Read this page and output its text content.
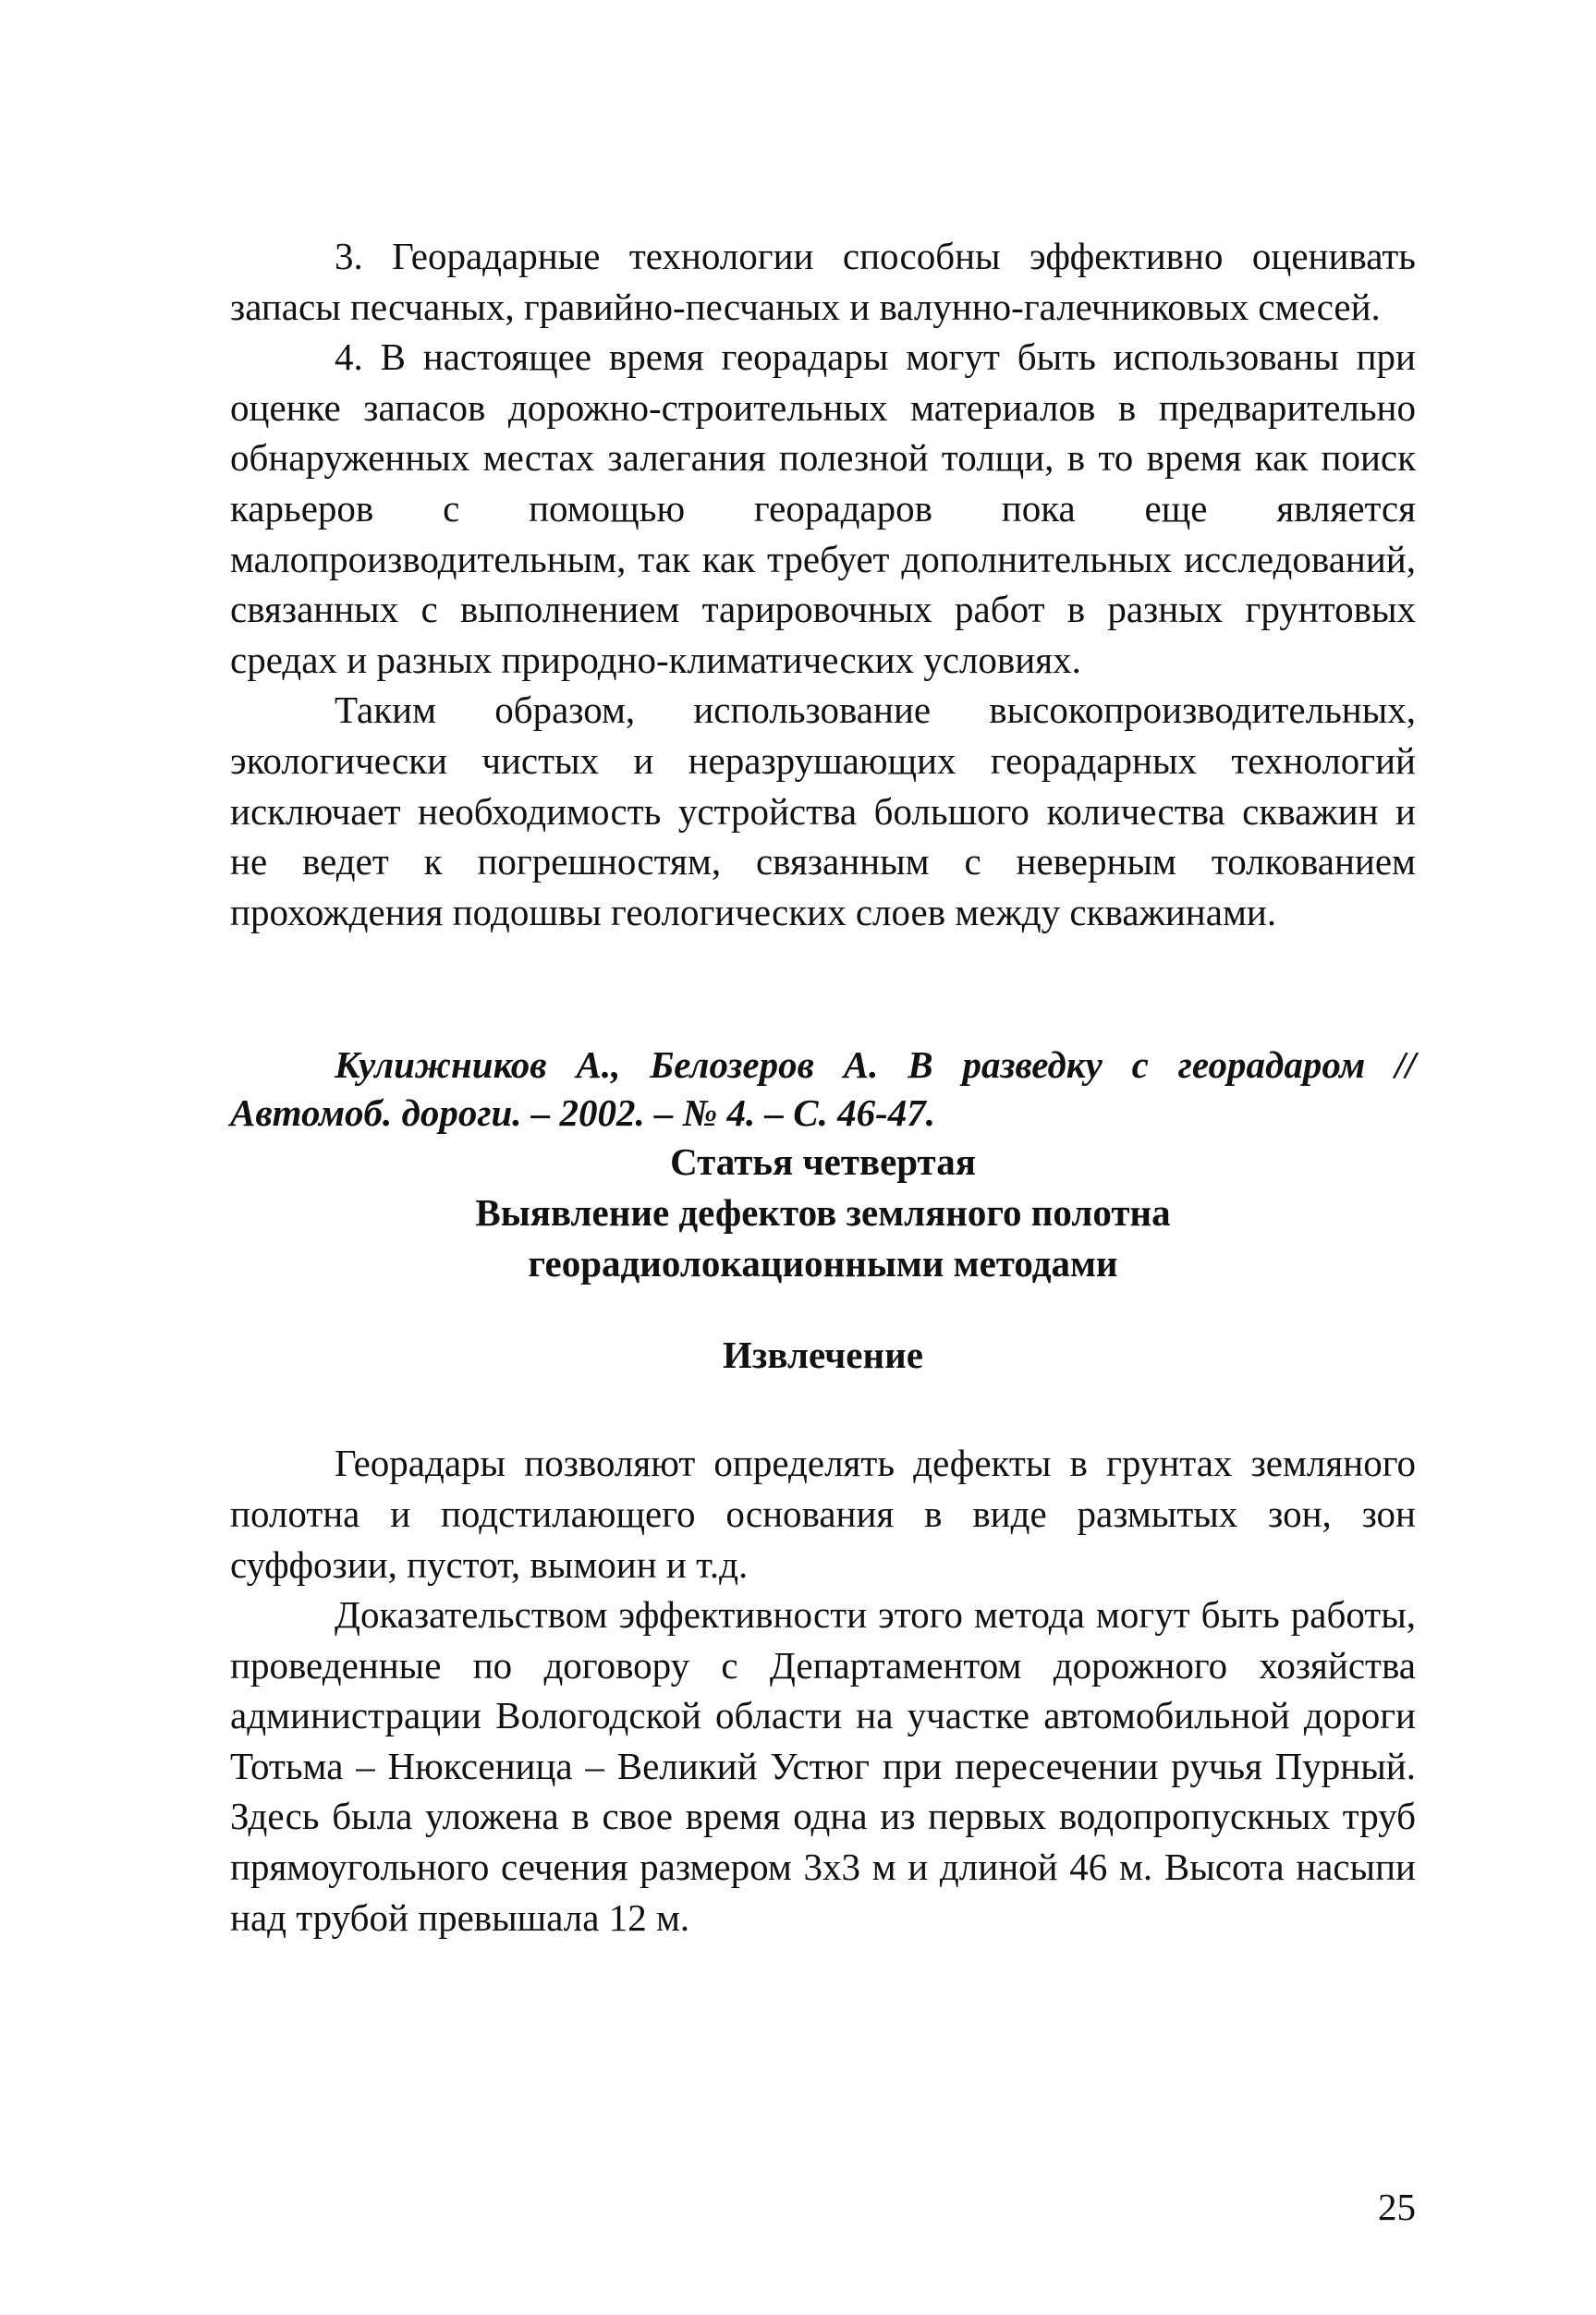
3. Георадарные технологии способны эффективно оценивать запасы песчаных, гравийно-песчаных и валунно-галечниковых смесей.

4. В настоящее время георадары могут быть использованы при оценке запасов дорожно-строительных материалов в предварительно обнаруженных местах залегания полезной толщи, в то время как поиск карьеров с помощью георадаров пока еще является малопроизводительным, так как требует дополнительных исследований, связанных с выполнением тарировочных работ в разных грунтовых средах и разных природно-климатических условиях.

Таким образом, использование высокопроизводительных, экологически чистых и неразрушающих георадарных технологий исключает необходимость устройства большого количества скважин и не ведет к погрешностям, связанным с неверным толкованием прохождения подошвы геологических слоев между скважинами.

Кулижников А., Белозеров А. В разведку с георадаром // Автомоб. дороги. – 2002. – № 4. – С. 46-47.

Статья четвертая

Выявление дефектов земляного полотна

георадиолокационными методами

Извлечение

Георадары позволяют определять дефекты в грунтах земляного полотна и подстилающего основания в виде размытых зон, зон суффозии, пустот, вымоин и т.д.

Доказательством эффективности этого метода могут быть работы, проведенные по договору с Департаментом дорожного хозяйства администрации Вологодской области на участке автомобильной дороги Тотьма – Нюксеница – Великий Устюг при пересечении ручья Пурный. Здесь была уложена в свое время одна из первых водопропускных труб прямоугольного сечения размером 3х3 м и длиной 46 м. Высота насыпи над трубой превышала 12 м.

25
